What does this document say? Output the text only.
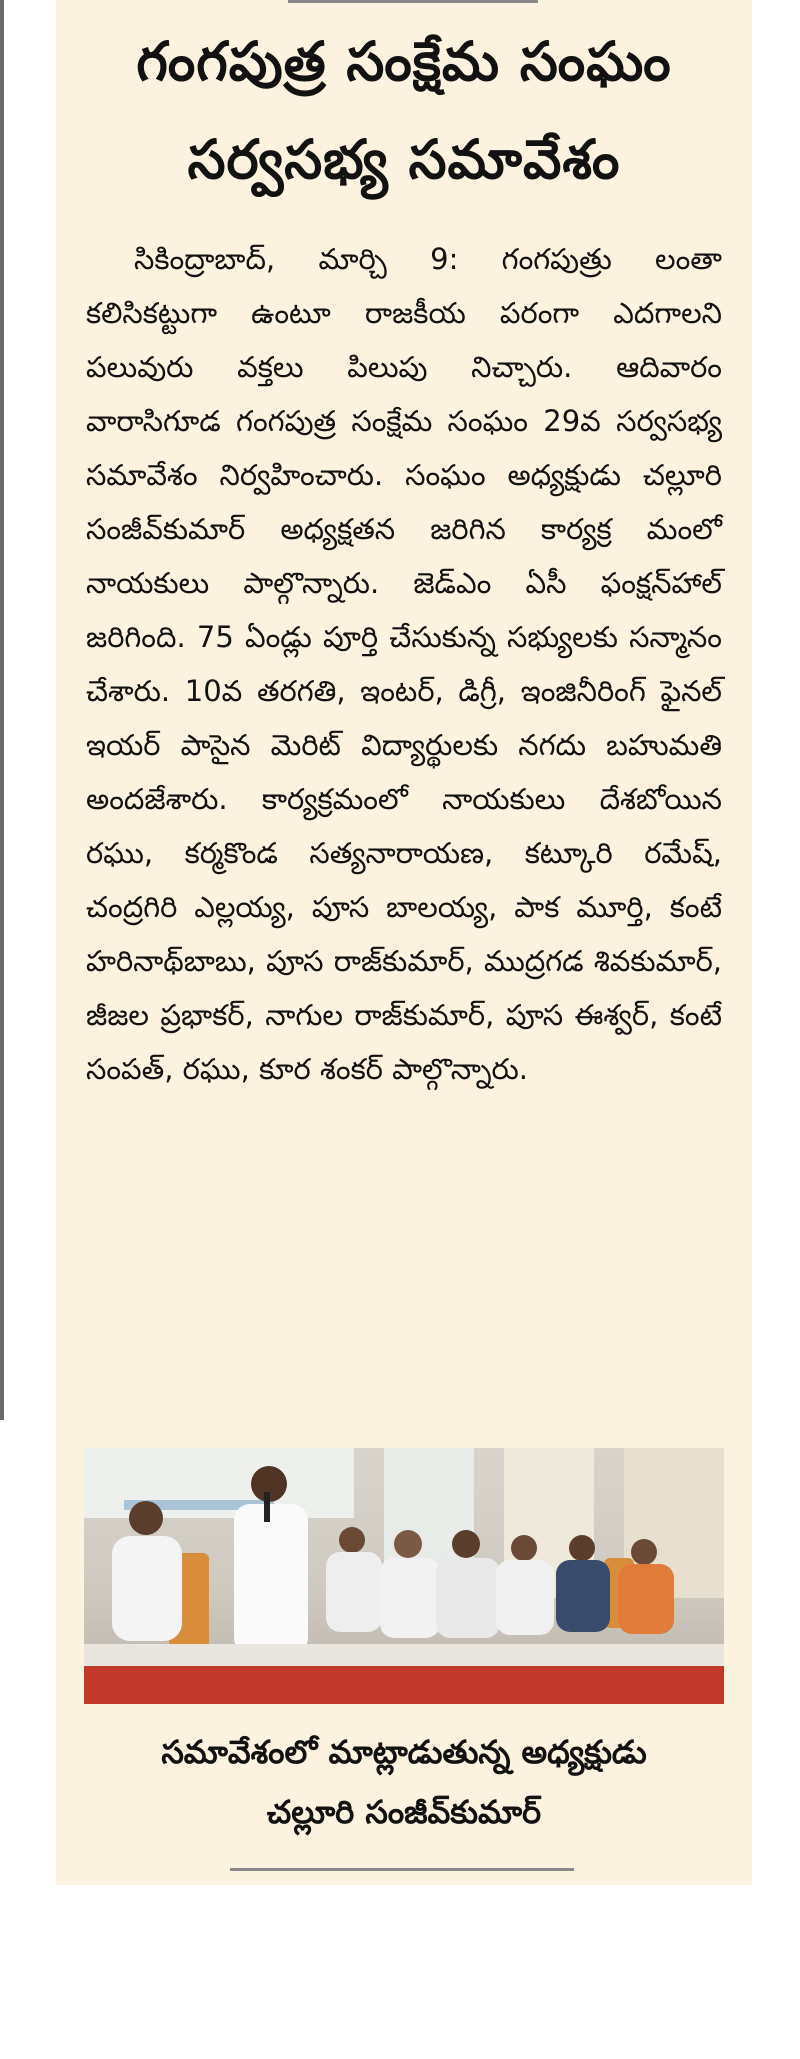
గంగపుత్ర సంక్షేమ సంఘం
సర్వసభ్య సమావేశం

సికింద్రాబాద్, మార్చి 9: గంగపుత్రు లంతా కలిసికట్టుగా ఉంటూ రాజకీయ పరంగా ఎదగాలని పలువురు వక్తలు పిలుపు నిచ్చారు. ఆదివారం వారాసిగూడ గంగపుత్ర సంక్షేమ సంఘం 29వ సర్వసభ్య సమావేశం నిర్వహించారు. సంఘం అధ్యక్షుడు చల్లూరి సంజీవ్‌కుమార్ అధ్యక్షతన జరిగిన కార్యక్ర మంలో నాయకులు పాల్గొన్నారు. జెడ్‌ఎం ఏసీ ఫంక్షన్‌హాల్ జరిగింది. 75 ఏండ్లు పూర్తి చేసుకున్న సభ్యులకు సన్మానం చేశారు. 10వ తరగతి, ఇంటర్, డిగ్రీ, ఇంజినీరింగ్ ఫైనల్ ఇయర్ పాసైన మెరిట్ విద్యార్థులకు నగదు బహుమతి అందజేశారు. కార్యక్రమంలో నాయకులు దేశబోయిన రఘు, కర్మకొండ సత్యనారాయణ, కట్కూరి రమేష్, చంద్రగిరి ఎల్లయ్య, పూస బాలయ్య, పాక మూర్తి, కంటే హరినాథ్‌బాబు, పూస రాజ్‌కుమార్, ముద్రగడ శివకుమార్, జీజల ప్రభాకర్, నాగుల రాజ్‌కుమార్, పూస ఈశ్వర్, కంటే సంపత్, రఘు, కూర శంకర్ పాల్గొన్నారు.

సమావేశంలో మాట్లాడుతున్న అధ్యక్షుడు
చల్లూరి సంజీవ్‌కుమార్
